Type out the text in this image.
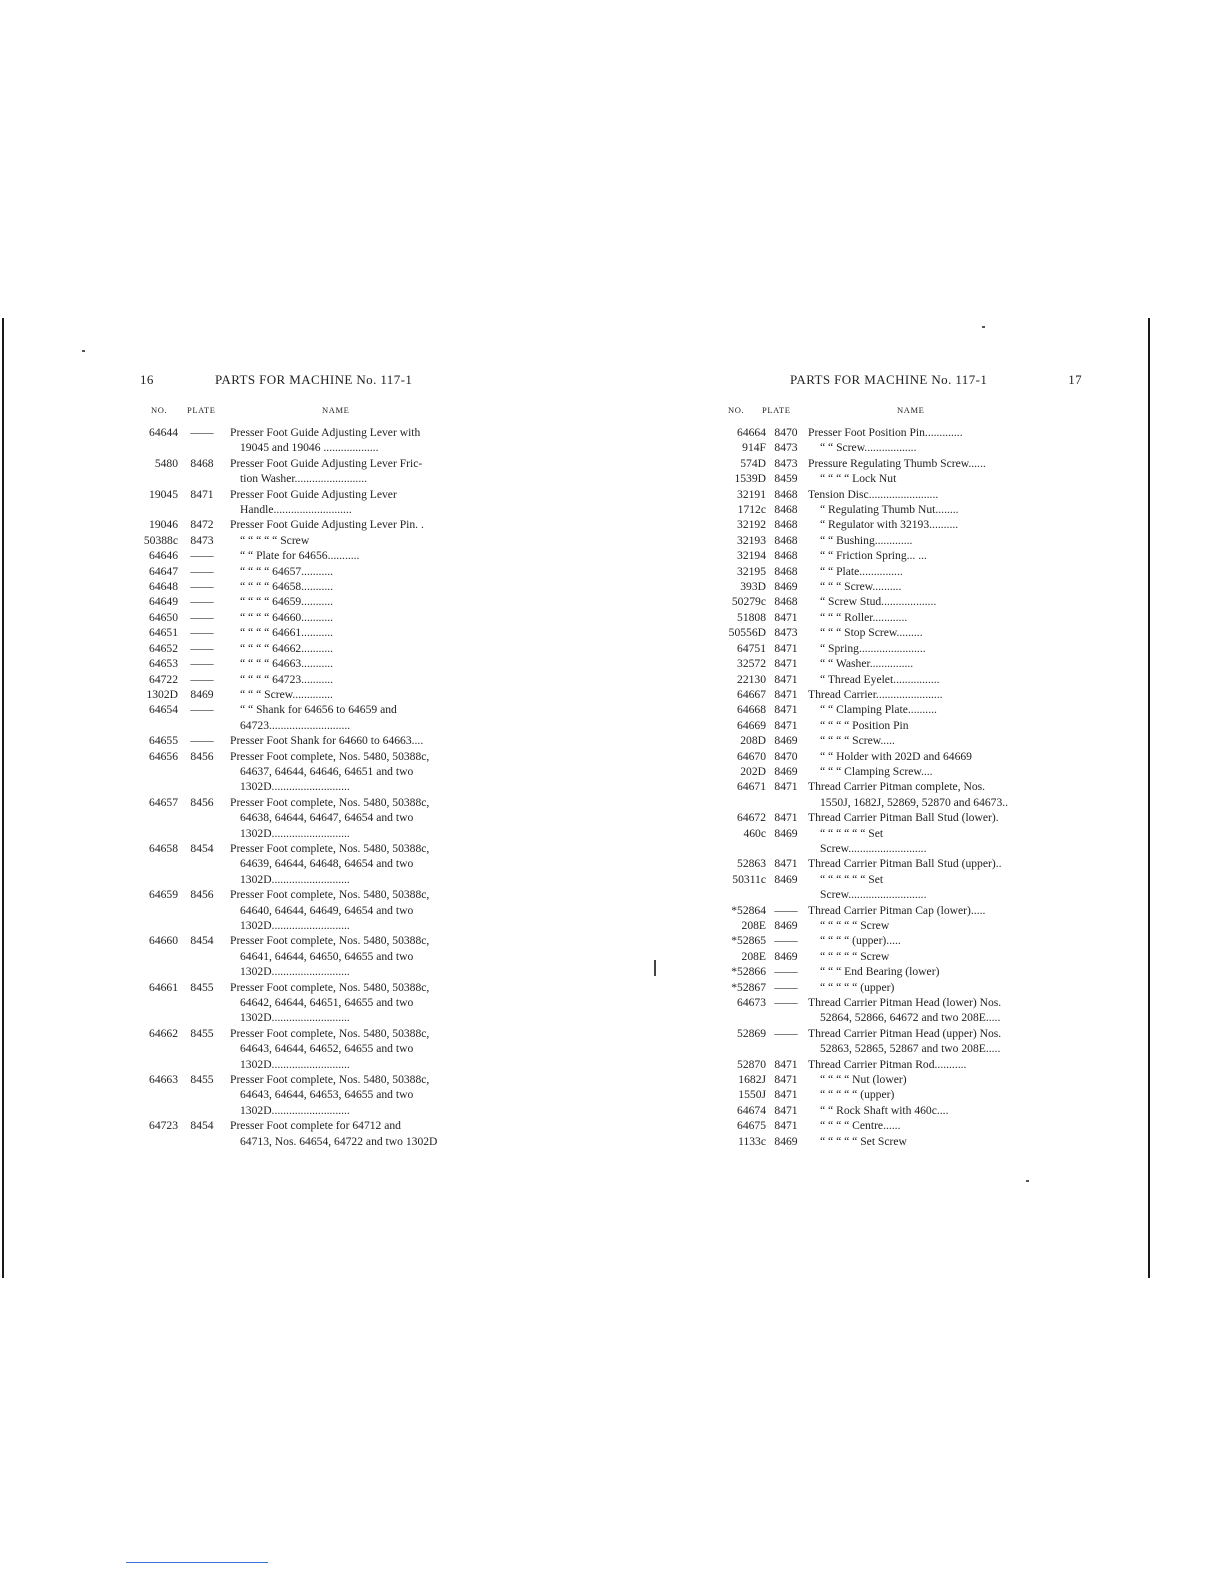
16	PARTS FOR MACHINE No. 117-1
NO. PLATE	NAME
64644	——	Presser Foot Guide Adjusting Lever with
19045 and 19046 ...................
5480	8468	Presser Foot Guide Adjusting Lever Fric-
tion Washer.........................
19045	8471	Presser Foot Guide Adjusting Lever
Handle...........................
19046	8472	Presser Foot Guide Adjusting Lever Pin. .
50388c	8473	“ “ “ “ “ Screw
64646	——	“ “ Plate for 64656...........
64647	——	“ “ “ “ 64657...........
64648	——	“ “ “ “ 64658...........
64649	——	“ “ “ “ 64659...........
64650	——	“ “ “ “ 64660...........
64651	——	“ “ “ “ 64661...........
64652	——	“ “ “ “ 64662...........
64653	——	“ “ “ “ 64663...........
64722	——	“ “ “ “ 64723...........
1302D	8469	“ “ “ Screw..............
64654	——	“ “ Shank for 64656 to 64659 and
64723............................
64655	——	Presser Foot Shank for 64660 to 64663....
64656	8456	Presser Foot complete, Nos. 5480, 50388c,
64637, 64644, 64646, 64651 and two
1302D...........................
64657	8456	Presser Foot complete, Nos. 5480, 50388c,
64638, 64644, 64647, 64654 and two
1302D...........................
64658	8454	Presser Foot complete, Nos. 5480, 50388c,
64639, 64644, 64648, 64654 and two
1302D...........................
64659	8456	Presser Foot complete, Nos. 5480, 50388c,
64640, 64644, 64649, 64654 and two
1302D...........................
64660	8454	Presser Foot complete, Nos. 5480, 50388c,
64641, 64644, 64650, 64655 and two
1302D...........................
64661	8455	Presser Foot complete, Nos. 5480, 50388c,
64642, 64644, 64651, 64655 and two
1302D...........................
64662	8455	Presser Foot complete, Nos. 5480, 50388c,
64643, 64644, 64652, 64655 and two
1302D...........................
64663	8455	Presser Foot complete, Nos. 5480, 50388c,
64643, 64644, 64653, 64655 and two
1302D...........................
64723	8454	Presser Foot complete for 64712 and
64713, Nos. 64654, 64722 and two 1302D
PARTS FOR MACHINE No. 117-1	17
NO. PLATE	NAME
64664 8470 Presser Foot Position Pin.............
914F 8473	“ “ Screw..................
574D 8473 Pressure Regulating Thumb Screw......
1539D 8459	“ “ “ “ Lock Nut
32191 8468 Tension Disc........................
1712c 8468	“ Regulating Thumb Nut........
32192 8468	“ Regulator with 32193..........
32193 8468	“ “ Bushing.............
32194 8468	“ “ Friction Spring... ...
32195 8468	“ “ Plate...............
393D 8469	“ “ “ Screw..........
50279c 8468	“ Screw Stud...................
51808 8471	“ “ “ Roller............
50556D 8473	“ “ “ Stop Screw.........
64751 8471	“ Spring.......................
32572 8471	“ “ Washer...............
22130 8471	“ Thread Eyelet................
64667 8471 Thread Carrier.......................
64668 8471	“ “ Clamping Plate..........
64669 8471	“ “ “ “ Position Pin
208D 8469	“ “ “ “ Screw.....
64670 8470	“ “ Holder with 202D and 64669
202D 8469	“ “ “ Clamping Screw....
64671 8471 Thread Carrier Pitman complete, Nos.
1550J, 1682J, 52869, 52870 and 64673..
64672 8471 Thread Carrier Pitman Ball Stud (lower).
460c 8469	“ “ “ “ “ “ Set
Screw...........................
52863 8471 Thread Carrier Pitman Ball Stud (upper)..
50311c 8469	“ “ “ “ “ “ Set
Screw...........................
*52864 —— Thread Carrier Pitman Cap (lower).....
208E 8469	“ “ “ “ “ Screw
*52865 ——	“ “ “ “ (upper).....
208E 8469	“ “ “ “ “ Screw
*52866 ——	“ “ “ End Bearing (lower)
*52867 ——	“ “ “ “ “ (upper)
64673 —— Thread Carrier Pitman Head (lower) Nos.
52864, 52866, 64672 and two 208E.....
52869 —— Thread Carrier Pitman Head (upper) Nos.
52863, 52865, 52867 and two 208E.....
52870 8471 Thread Carrier Pitman Rod...........
1682J 8471	“ “ “ “ Nut (lower)
1550J 8471	“ “ “ “ “ (upper)
64674 8471	“ “ Rock Shaft with 460c....
64675 8471	“ “ “ “ Centre......
1133c 8469	“ “ “ “ “ Set Screw
